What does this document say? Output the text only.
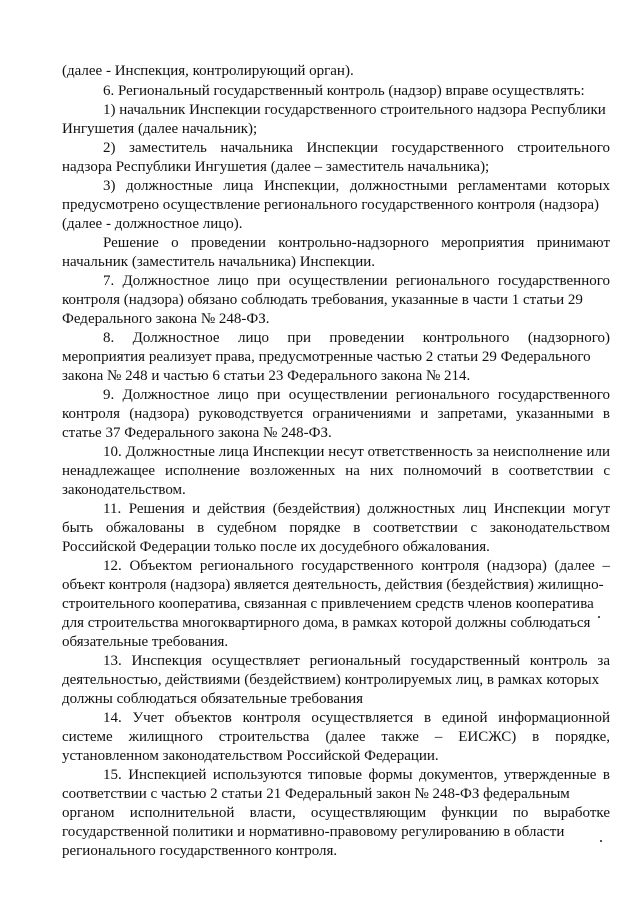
(далее - Инспекция, контролирующий орган).

6. Региональный государственный контроль (надзор) вправе осуществлять:

1) начальник Инспекции государственного строительного надзора Республики

Ингушетия (далее начальник);

2) заместитель начальника Инспекции государственного строительного

надзора Республики Ингушетия (далее – заместитель начальника);

3) должностные лица Инспекции, должностными регламентами которых

предусмотрено осуществление регионального государственного контроля (надзора)

(далее - должностное лицо).

Решение о проведении контрольно-надзорного мероприятия принимают

начальник (заместитель начальника) Инспекции.

7. Должностное лицо при осуществлении регионального государственного

контроля (надзора) обязано соблюдать требования, указанные в части 1 статьи 29

Федерального закона № 248-ФЗ.

8. Должностное лицо при проведении контрольного (надзорного)

мероприятия реализует права, предусмотренные частью 2 статьи 29 Федерального

закона № 248 и частью 6 статьи 23 Федерального закона № 214.

9. Должностное лицо при осуществлении регионального государственного

контроля (надзора) руководствуется ограничениями и запретами, указанными в

статье 37 Федерального закона № 248-ФЗ.

10. Должностные лица Инспекции несут ответственность за неисполнение или

ненадлежащее исполнение возложенных на них полномочий в соответствии с

законодательством.

11. Решения и действия (бездействия) должностных лиц Инспекции могут

быть обжалованы в судебном порядке в соответствии с законодательством

Российской Федерации только после их досудебного обжалования.

12. Объектом регионального государственного контроля (надзора) (далее –

объект контроля (надзора) является деятельность, действия (бездействия) жилищно-

строительного кооператива, связанная с привлечением средств членов кооператива

для строительства многоквартирного дома, в рамках которой должны соблюдаться

обязательные требования.

13. Инспекция осуществляет региональный государственный контроль за

деятельностью, действиями (бездействием) контролируемых лиц, в рамках которых

должны соблюдаться обязательные требования

14. Учет объектов контроля осуществляется в единой информационной

системе жилищного строительства (далее также – ЕИСЖС) в порядке,

установленном законодательством Российской Федерации.

15. Инспекцией используются типовые формы документов, утвержденные в

соответствии с частью 2 статьи 21 Федеральный закон № 248-ФЗ федеральным

органом исполнительной власти, осуществляющим функции по выработке

государственной политики и нормативно-правовому регулированию в области

регионального государственного контроля.
